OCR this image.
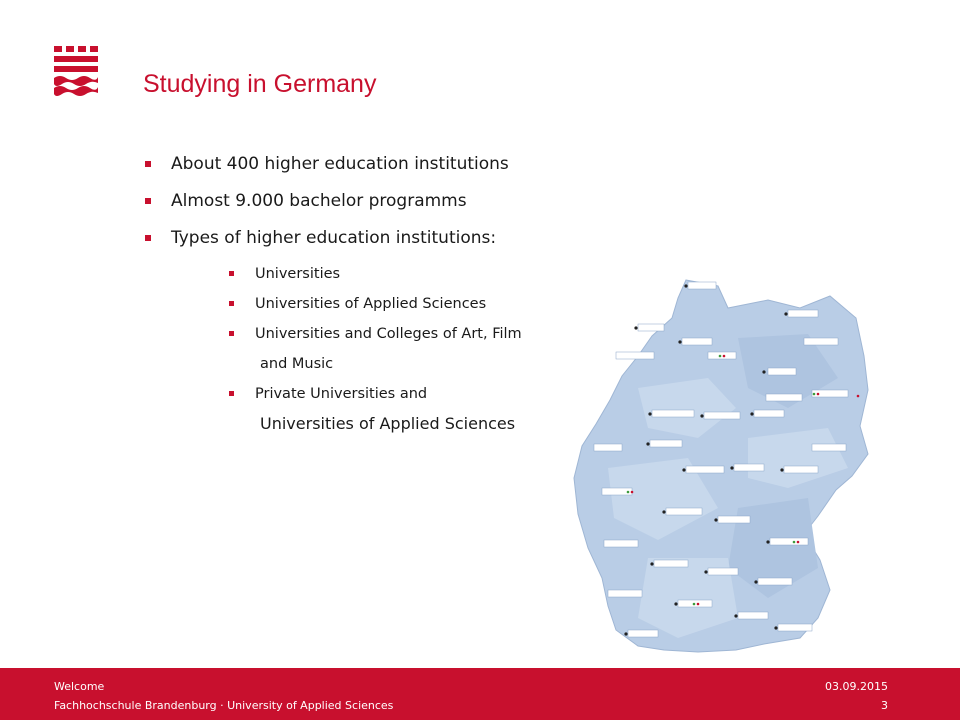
Studying in Germany
About 400 higher education institutions
Almost 9.000 bachelor programms
Types of higher education institutions:
Universities
Universities of Applied Sciences
Universities and Colleges of Art, Film
and Music
Private Universities and
Universities of Applied Sciences
Welcome
Fachhochschule Brandenburg · University of Applied Sciences
03.09.2015
3
